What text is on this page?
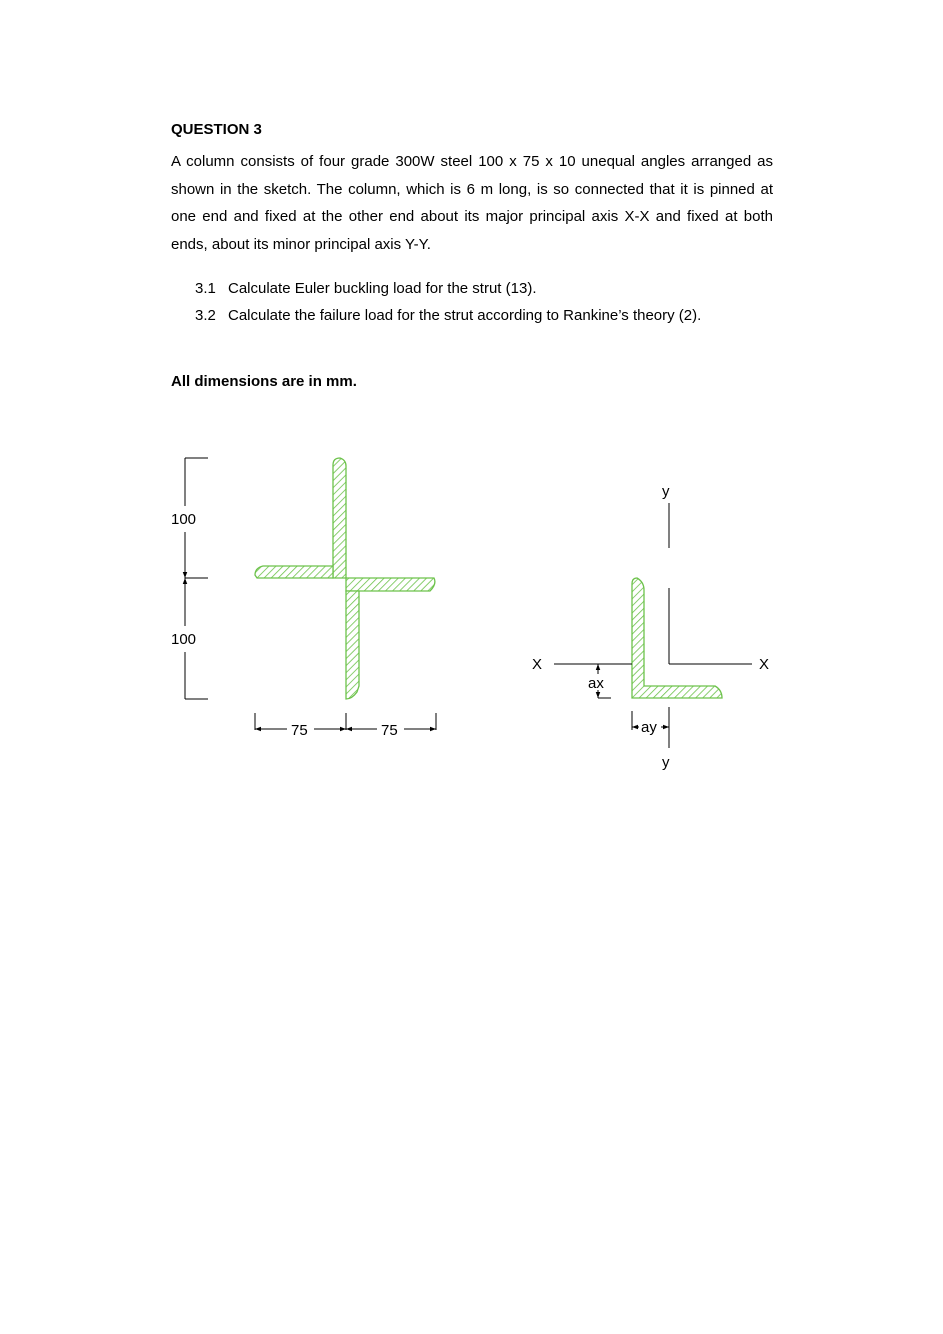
QUESTION 3

A column consists of four grade 300W steel 100 x 75 x 10 unequal angles arranged as shown in the sketch. The column, which is 6 m long, is so connected that it is pinned at one end and fixed at the other end about its major principal axis X-X and fixed at both ends, about its minor principal axis Y-Y.

3.1 Calculate Euler buckling load for the strut (13).
3.2 Calculate the failure load for the strut according to Rankine’s theory (2).

All dimensions are in mm.

100
100
75	75
y
y
X	X
ax
ay
